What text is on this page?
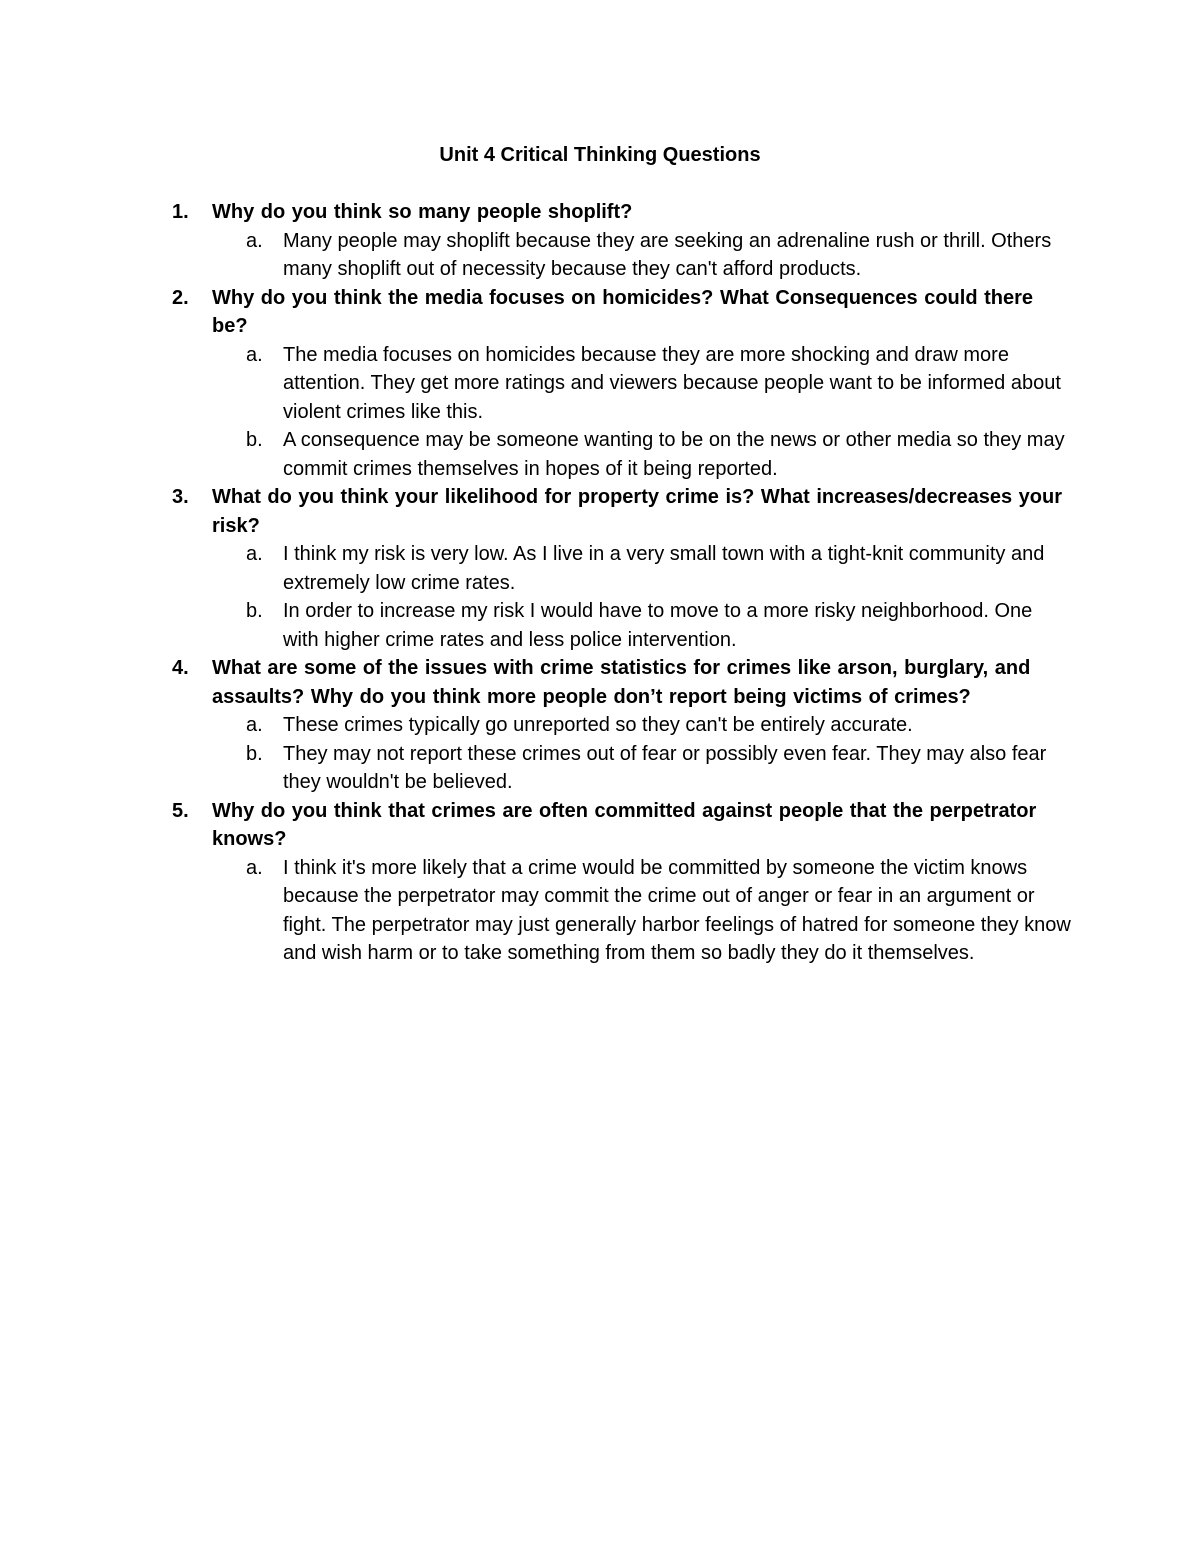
Unit 4 Critical Thinking Questions
1.	Why do you think so many people shoplift?
a.	Many people may shoplift because they are seeking an adrenaline rush or thrill. Others many shoplift out of necessity because they can't afford products.
2.	Why do you think the media focuses on homicides? What Consequences could there be?
a.	The media focuses on homicides because they are more shocking and draw more attention. They get more ratings and viewers because people want to be informed about violent crimes like this.
b.	A consequence may be someone wanting to be on the news or other media so they may commit crimes themselves in hopes of it being reported.
3.	What do you think your likelihood for property crime is? What increases/decreases your risk?
a.	I think my risk is very low. As I live in a very small town with a tight-knit community and extremely low crime rates.
b.	In order to increase my risk I would have to move to a more risky neighborhood. One with higher crime rates and less police intervention.
4.	What are some of the issues with crime statistics for crimes like arson, burglary, and assaults? Why do you think more people don’t report being victims of crimes?
a.	These crimes typically go unreported so they can't be entirely accurate.
b.	They may not report these crimes out of fear or possibly even fear. They may also fear they wouldn't be believed.
5.	Why do you think that crimes are often committed against people that the perpetrator knows?
a.	I think it's more likely that a crime would be committed by someone the victim knows because the perpetrator may commit the crime out of anger or fear in an argument or fight. The perpetrator may just generally harbor feelings of hatred for someone they know and wish harm or to take something from them so badly they do it themselves.
